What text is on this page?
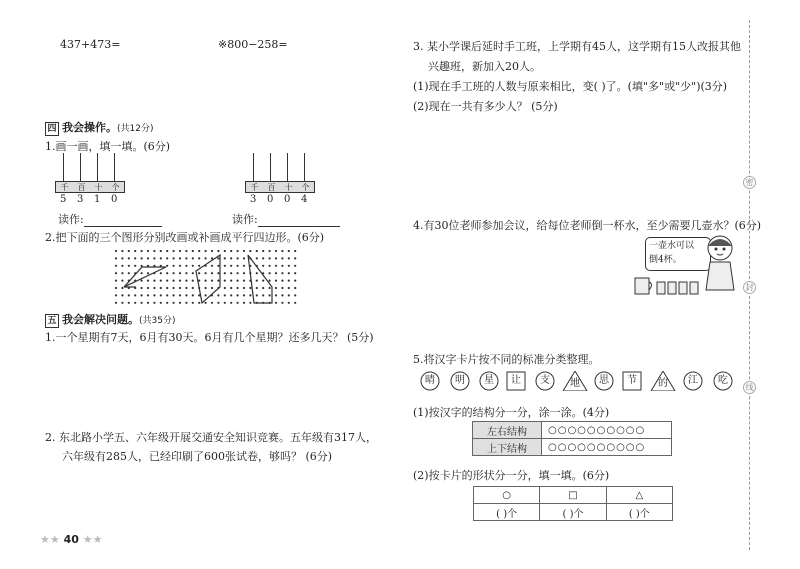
437+473=	※800−258=
四 我会操作。(共12分)
1.画一画，填一填。(6分)
千	百	十	个
5	3	1	0
读作:
千	百	十	个
3	0	0	4
读作:
2.把下面的三个图形分别改画或补画成平行四边形。(6分)
五 我会解决问题。(共35分)
1.一个星期有7天，6月有30天。6月有几个星期？还多几天？ (5分)
2. 东北路小学五、六年级开展交通安全知识竞赛。五年级有317人，
六年级有285人，已经印刷了600张试卷，够吗？ (6分)
★★ 40 ★★
3. 某小学课后延时手工班，上学期有45人，这学期有15人改报其他
兴趣班，新加入20人。
(1)现在手工班的人数与原来相比，变( )了。(填"多"或"少")(3分)
(2)现在一共有多少人？ (5分)
4.有30位老师参加会议，给每位老师倒一杯水，至少需要几壶水？(6分)
一壶水可以
倒4杯。
5.将汉字卡片按不同的标准分类整理。
晴	明	星	让	支	地	思	节	的	江	吃
(1)按汉字的结构分一分，涂一涂。(4分)
左右结构	○○○○○○○○○○
上下结构	○○○○○○○○○○
(2)按卡片的形状分一分，填一填。(6分)
○	□	△
( )个	( )个	( )个
密
封
线
